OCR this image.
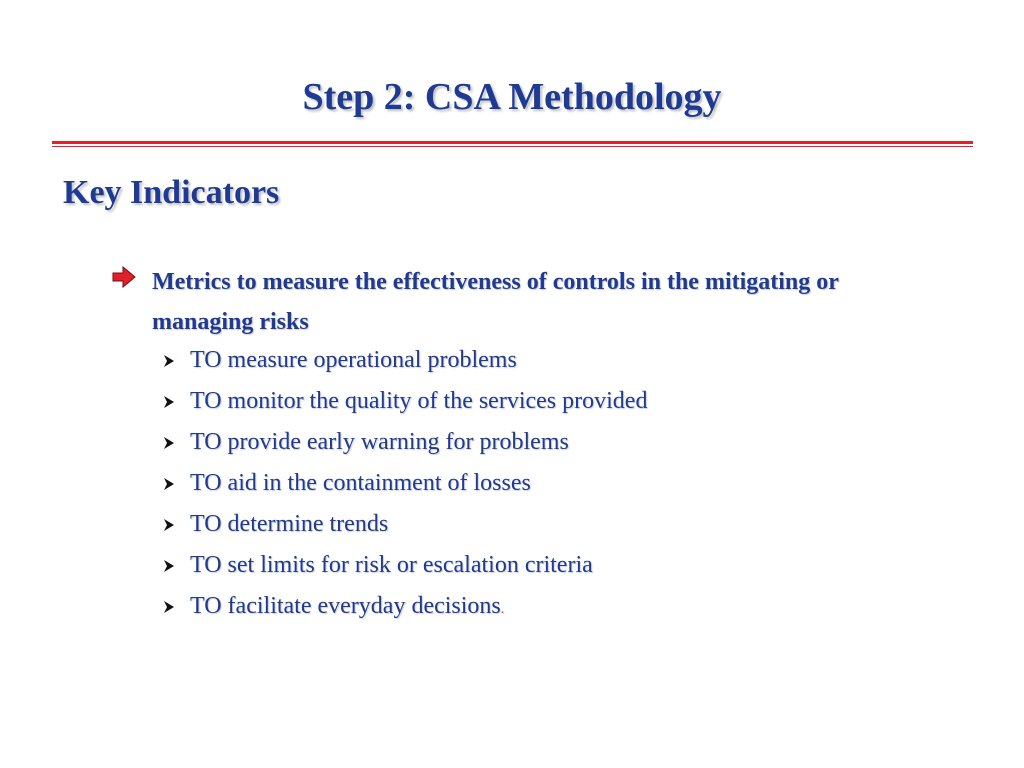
Step 2: CSA Methodology
Key Indicators
Metrics to measure the effectiveness of controls in the mitigating or managing risks
TO measure operational problems
TO monitor the quality of the services provided
TO provide early warning for problems
TO aid in the containment of losses
TO determine trends
TO set limits for risk or escalation criteria
TO facilitate everyday decisions.
